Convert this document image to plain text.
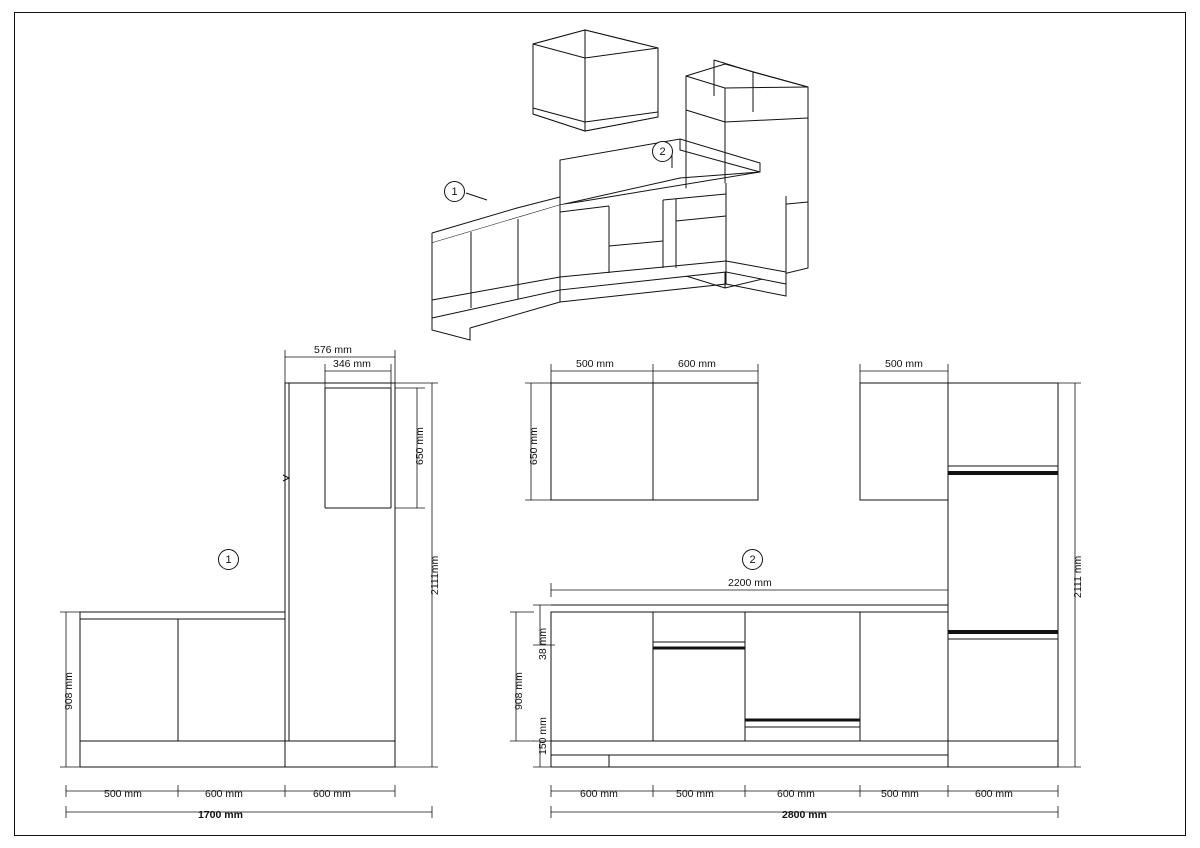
1
2
1	2
576 mm
346 mm
650 mm
2111mm
908 mm
500 mm	600 mm	600 mm
1700 mm
500 mm	600 mm	500 mm
650 mm
38 mm
908 mm
150 mm
2111 mm
2200 mm
600 mm	500 mm	600 mm	500 mm	600 mm
2800 mm
